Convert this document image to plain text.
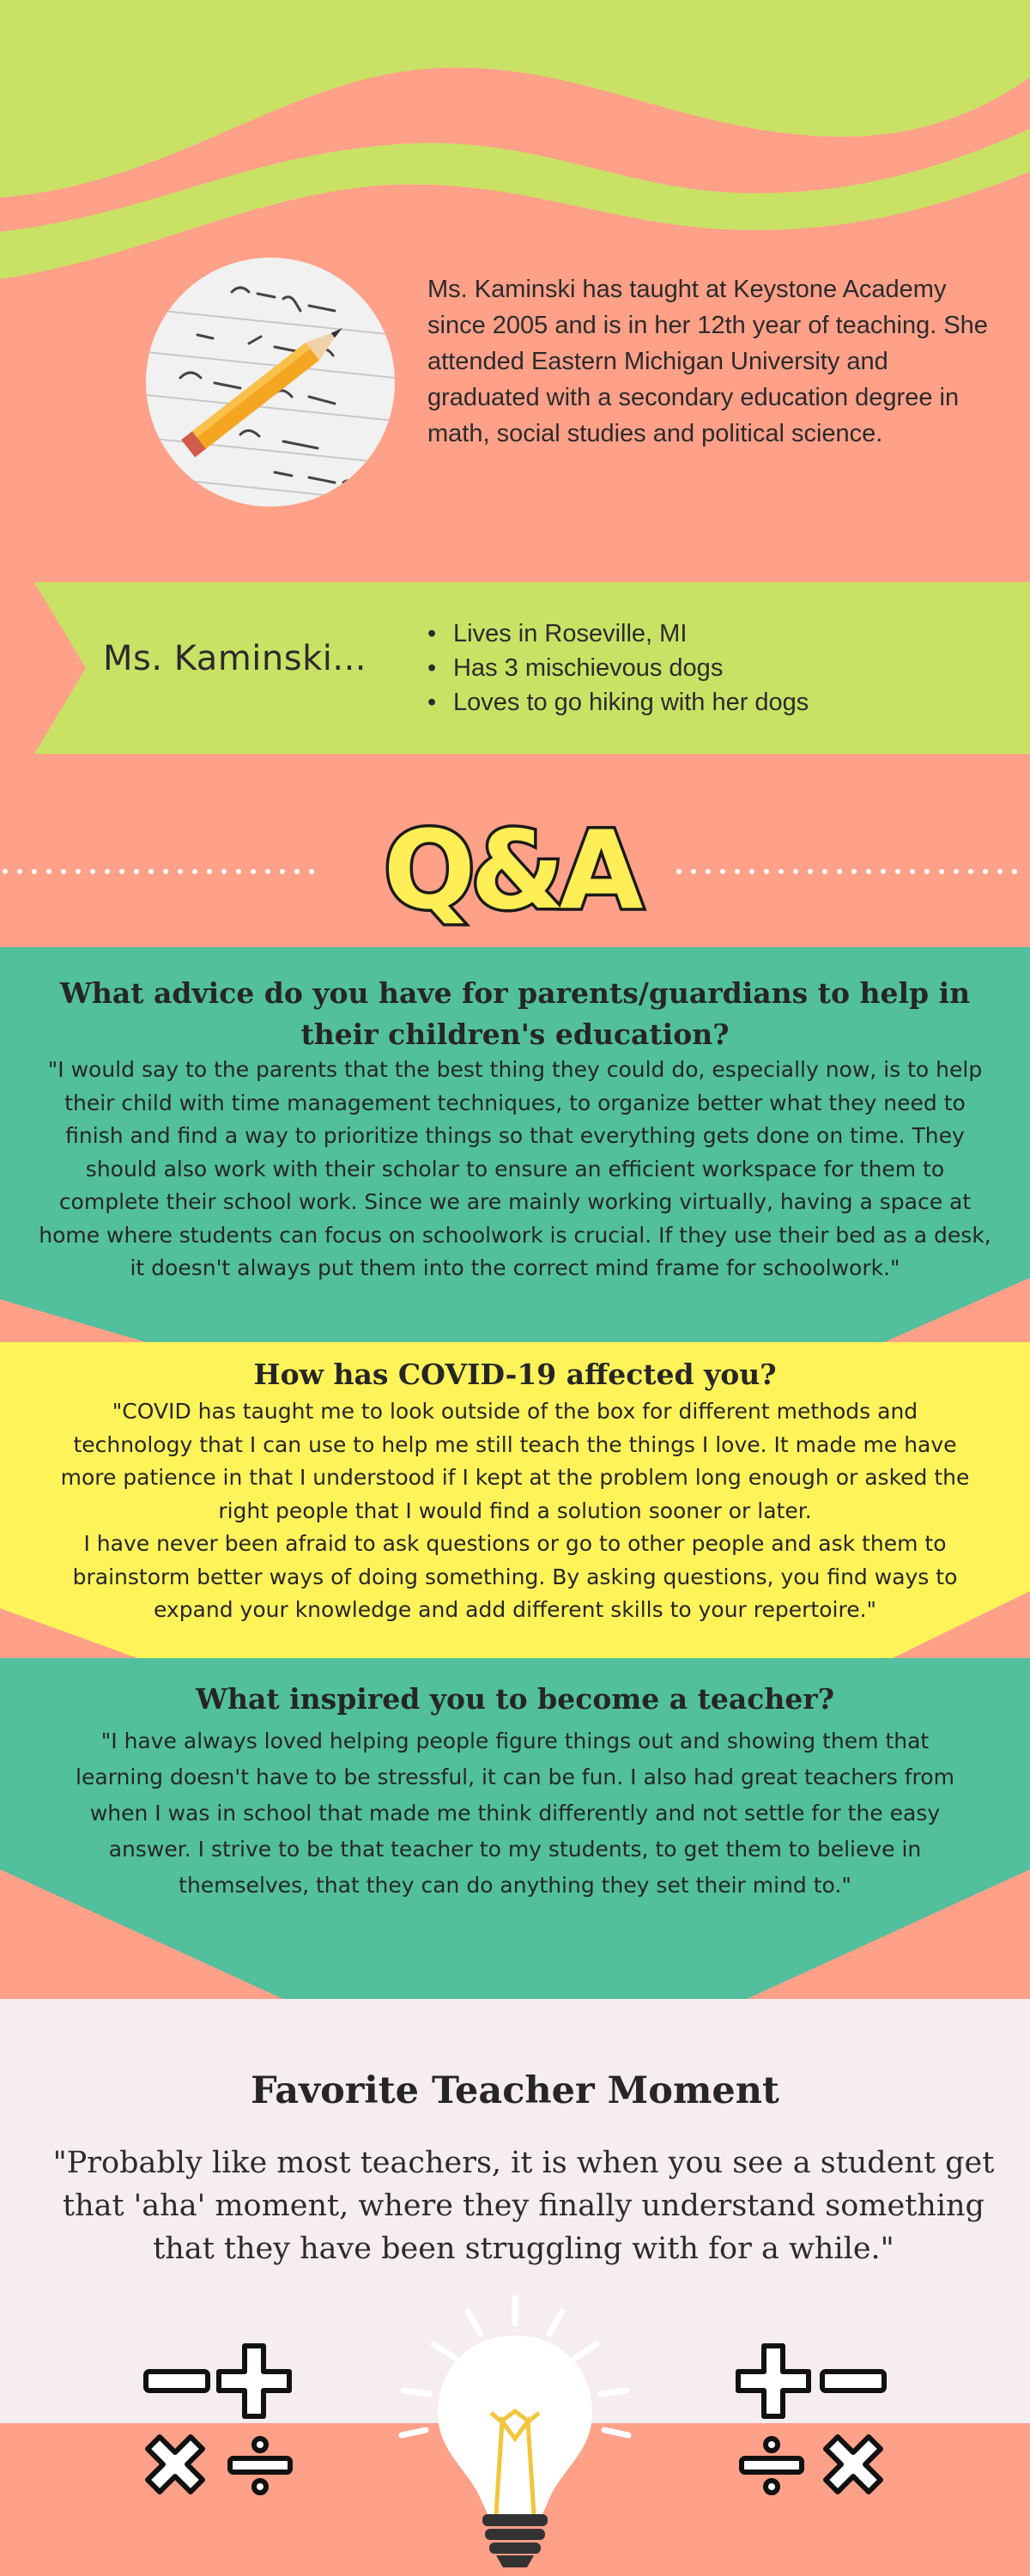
Ms. Kaminski has taught at Keystone Academy since 2005 and is in her 12th year of teaching. She attended Eastern Michigan University and graduated with a secondary education degree in math, social studies and political science.
Ms. Kaminski...
• Lives in Roseville, MI
• Has 3 mischievous dogs
• Loves to go hiking with her dogs
Q&A
What advice do you have for parents/guardians to help in their children's education?
"I would say to the parents that the best thing they could do, especially now, is to help their child with time management techniques, to organize better what they need to finish and find a way to prioritize things so that everything gets done on time. They should also work with their scholar to ensure an efficient workspace for them to complete their school work. Since we are mainly working virtually, having a space at home where students can focus on schoolwork is crucial. If they use their bed as a desk, it doesn't always put them into the correct mind frame for schoolwork."
How has COVID-19 affected you?
"COVID has taught me to look outside of the box for different methods and technology that I can use to help me still teach the things I love. It made me have more patience in that I understood if I kept at the problem long enough or asked the right people that I would find a solution sooner or later.
I have never been afraid to ask questions or go to other people and ask them to brainstorm better ways of doing something. By asking questions, you find ways to expand your knowledge and add different skills to your repertoire."
What inspired you to become a teacher?
"I have always loved helping people figure things out and showing them that learning doesn't have to be stressful, it can be fun. I also had great teachers from when I was in school that made me think differently and not settle for the easy answer. I strive to be that teacher to my students, to get them to believe in themselves, that they can do anything they set their mind to."
Favorite Teacher Moment
"Probably like most teachers, it is when you see a student get that 'aha' moment, where they finally understand something that they have been struggling with for a while."
